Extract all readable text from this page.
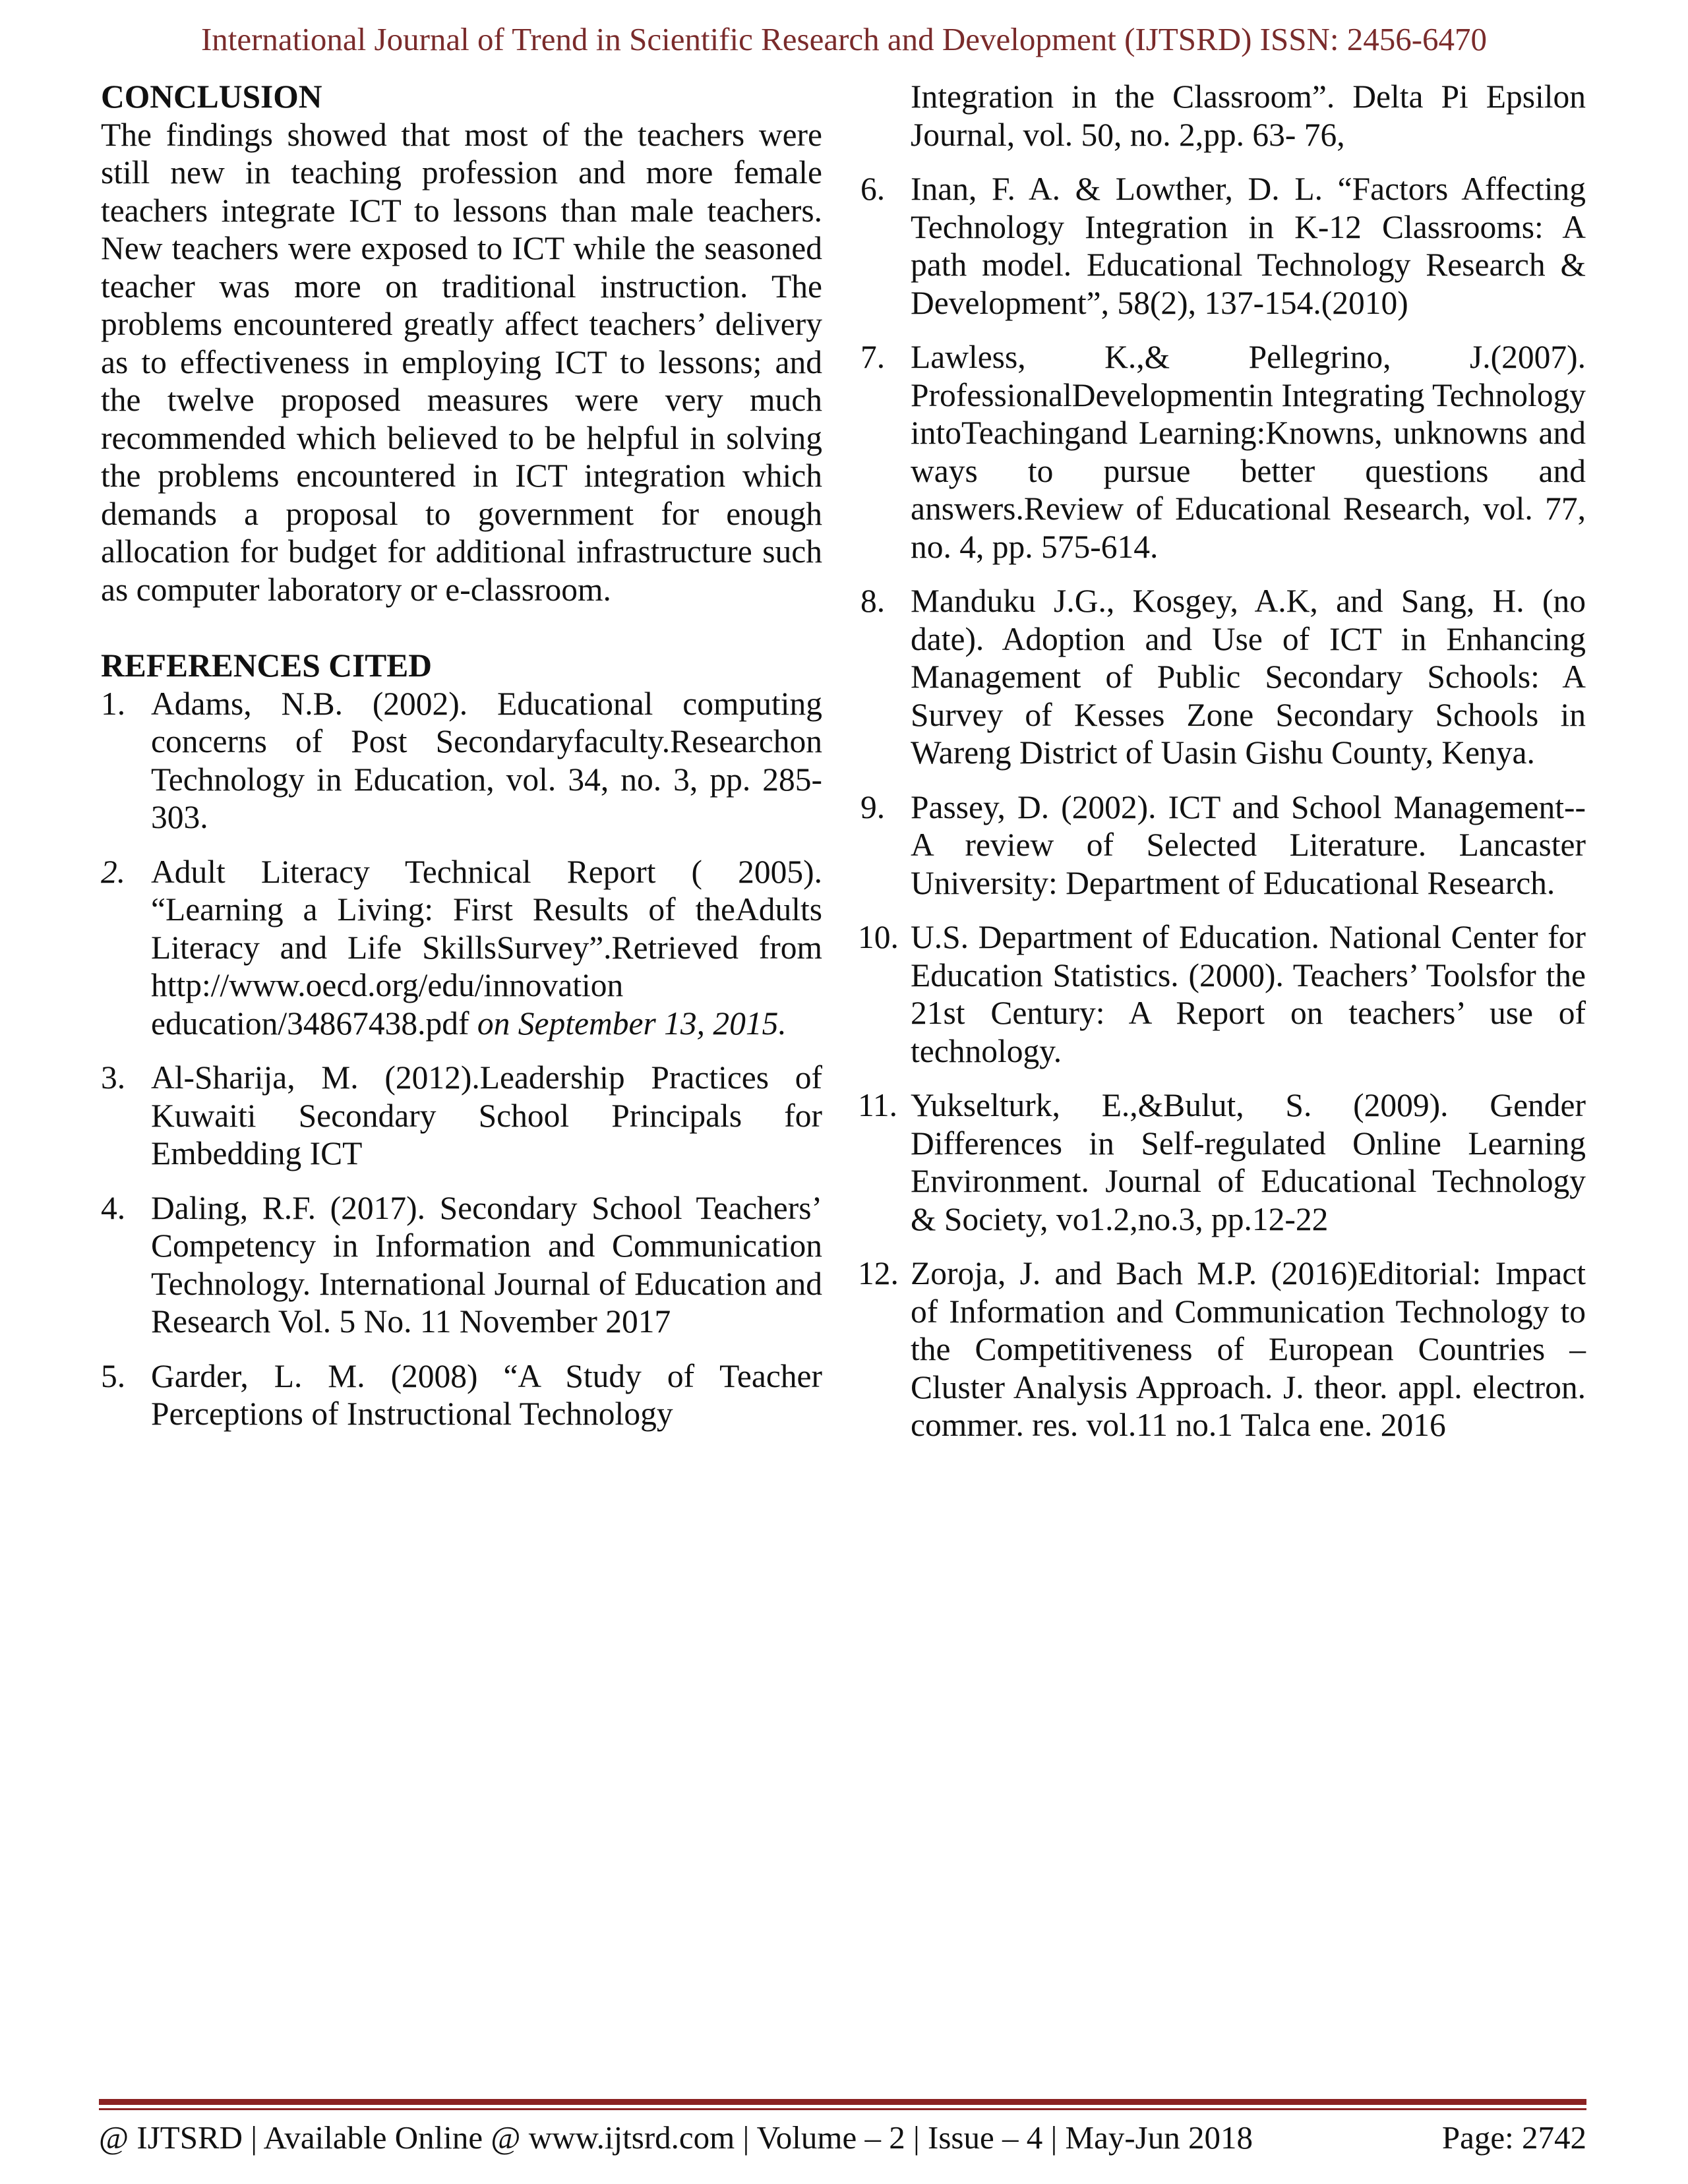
International Journal of Trend in Scientific Research and Development (IJTSRD) ISSN: 2456-6470
CONCLUSION

The findings showed that most of the teachers were still new in teaching profession and more female teachers integrate ICT to lessons than male teachers. New teachers were exposed to ICT while the seasoned teacher was more on traditional instruction. The problems encountered greatly affect teachers’ delivery as to effectiveness in employing ICT to lessons; and the twelve proposed measures were very much recommended which believed to be helpful in solving the problems encountered in ICT integration which demands a proposal to government for enough allocation for budget for additional infrastructure such as computer laboratory or e-classroom.

REFERENCES CITED
1. Adams, N.B. (2002). Educational computing concerns of Post Secondaryfaculty.Researchon Technology in Education, vol. 34, no. 3, pp. 285-303.
2. Adult Literacy Technical Report ( 2005). “Learning a Living: First Results of theAdults Literacy and Life SkillsSurvey”.Retrieved from http://www.oecd.org/edu/innovation education/34867438.pdf on September 13, 2015.
3. Al-Sharija, M. (2012).Leadership Practices of Kuwaiti Secondary School Principals for Embedding ICT
4. Daling, R.F. (2017). Secondary School Teachers’ Competency in Information and Communication Technology. International Journal of Education and Research Vol. 5 No. 11 November 2017
5. Garder, L. M. (2008) “A Study of Teacher Perceptions of Instructional Technology
Integration in the Classroom”. Delta Pi Epsilon Journal, vol. 50, no. 2,pp. 63- 76,
6. Inan, F. A. & Lowther, D. L. “Factors Affecting Technology Integration in K-12 Classrooms: A path model. Educational Technology Research & Development”, 58(2), 137-154.(2010)
7. Lawless, K.,& Pellegrino, J.(2007). ProfessionalDevelopmentin Integrating Technology intoTeachingand Learning:Knowns, unknowns and ways to pursue better questions and answers.Review of Educational Research, vol. 77, no. 4, pp. 575-614.
8. Manduku J.G., Kosgey, A.K, and Sang, H. (no date). Adoption and Use of ICT in Enhancing Management of Public Secondary Schools: A Survey of Kesses Zone Secondary Schools in Wareng District of Uasin Gishu County, Kenya.
9. Passey, D. (2002). ICT and School Management--A review of Selected Literature. Lancaster University: Department of Educational Research.
10. U.S. Department of Education. National Center for Education Statistics. (2000). Teachers’ Toolsfor the 21st Century: A Report on teachers’ use of technology.
11. Yukselturk, E.,&Bulut, S. (2009). Gender Differences in Self-regulated Online Learning Environment. Journal of Educational Technology & Society, vo1.2,no.3, pp.12-22
12. Zoroja, J. and Bach M.P. (2016)Editorial: Impact of Information and Communication Technology to the Competitiveness of European Countries – Cluster Analysis Approach. J. theor. appl. electron. commer. res. vol.11 no.1 Talca ene. 2016
@ IJTSRD | Available Online @ www.ijtsrd.com | Volume – 2 | Issue – 4 | May-Jun 2018	Page: 2742
